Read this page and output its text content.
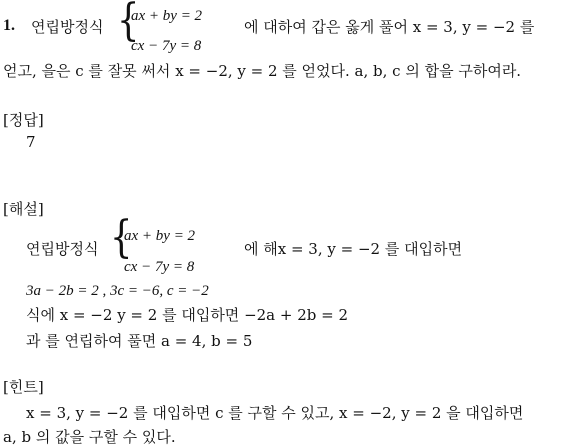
1. 연립방정식 {
ax + by = 2
cx − 7y = 8
에 대하여 갑은 옳게 풀어 x = 3, y = −2 를
얻고, 을은 c 를 잘못 써서 x = −2, y = 2 를 얻었다. a, b, c 의 합을 구하여라.
[정답]
7
[해설]
연립방정식 {
ax + by = 2
cx − 7y = 8
에 해x = 3, y = −2 를 대입하면
3a − 2b = 2 , 3c = −6, c = −2
식에 x = −2 y = 2 를 대입하면 −2a + 2b = 2
과 를 연립하여 풀면 a = 4, b = 5
[힌트]
x = 3, y = −2 를 대입하면 c 를 구할 수 있고, x = −2, y = 2 을 대입하면
a, b 의 값을 구할 수 있다.
